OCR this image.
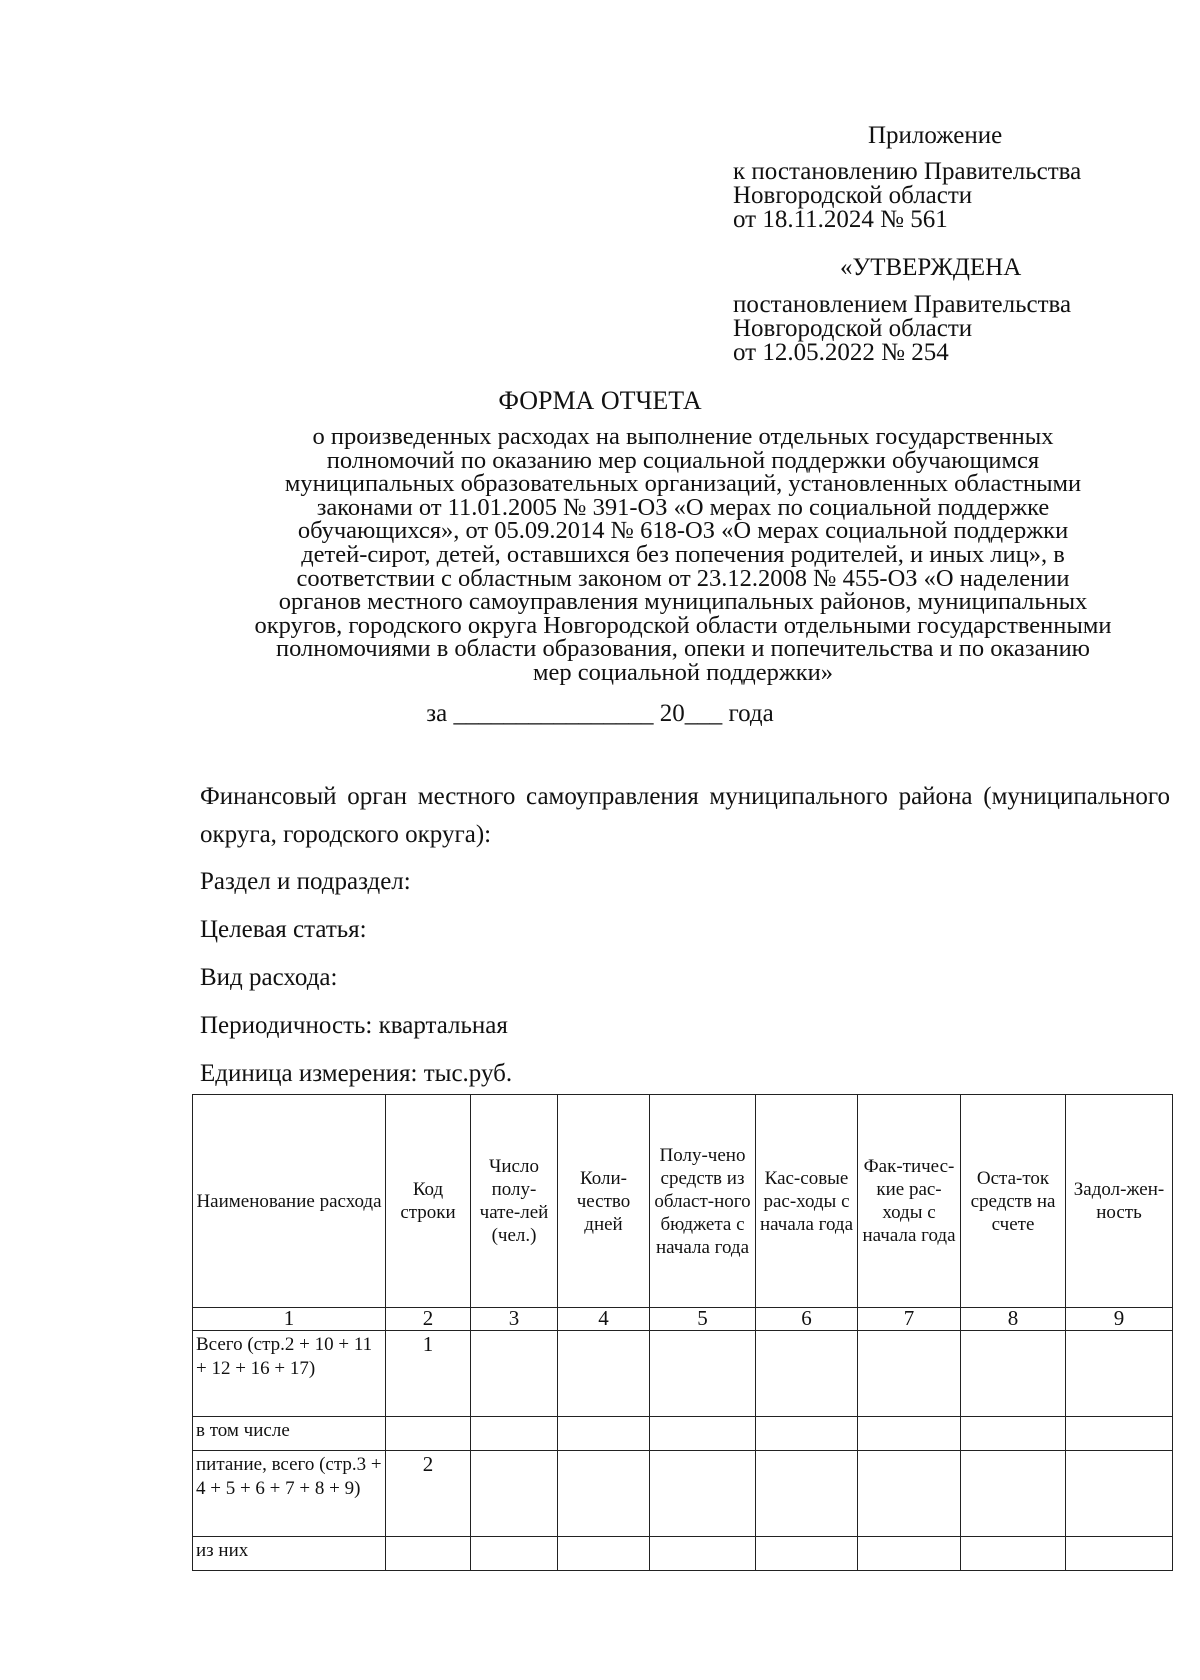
Приложение
к постановлению Правительства
Новгородской области
от 18.11.2024 № 561
«УТВЕРЖДЕНА
постановлением Правительства
Новгородской области
от 12.05.2022 № 254
ФОРМА ОТЧЕТА
о произведенных расходах на выполнение отдельных государственных
полномочий по оказанию мер социальной поддержки обучающимся
муниципальных образовательных организаций, установленных областными
законами от 11.01.2005 № 391-ОЗ «О мерах по социальной поддержке
обучающихся», от 05.09.2014 № 618-ОЗ «О мерах социальной поддержки
детей-сирот, детей, оставшихся без попечения родителей, и иных лиц», в
соответствии с областным законом от 23.12.2008 № 455-ОЗ «О наделении
органов местного самоуправления муниципальных районов, муниципальных
округов, городского округа Новгородской области отдельными государственными
полномочиями в области образования, опеки и попечительства и по оказанию
мер социальной поддержки»
за ________________ 20___ года
Финансовый орган местного самоуправления муниципального района (муниципального округа, городского округа):
Раздел и подраздел:
Целевая статья:
Вид расхода:
Периодичность: квартальная
Единица измерения: тыс.руб.
Наименование расхода	Код строки	Число полу-чате-лей (чел.)	Коли-чество дней	Полу-чено средств из област-ного бюджета с начала года	Кас-совые рас-ходы с начала года	Фак-тичес-кие рас-ходы с начала года	Оста-ток средств на счете	Задол-жен-ность
1	2	3	4	5	6	7	8	9
Всего (стр.2 + 10 + 11 + 12 + 16 + 17)	1							
в том числе								
питание, всего (стр.3 + 4 + 5 + 6 + 7 + 8 + 9)	2							
из них								
